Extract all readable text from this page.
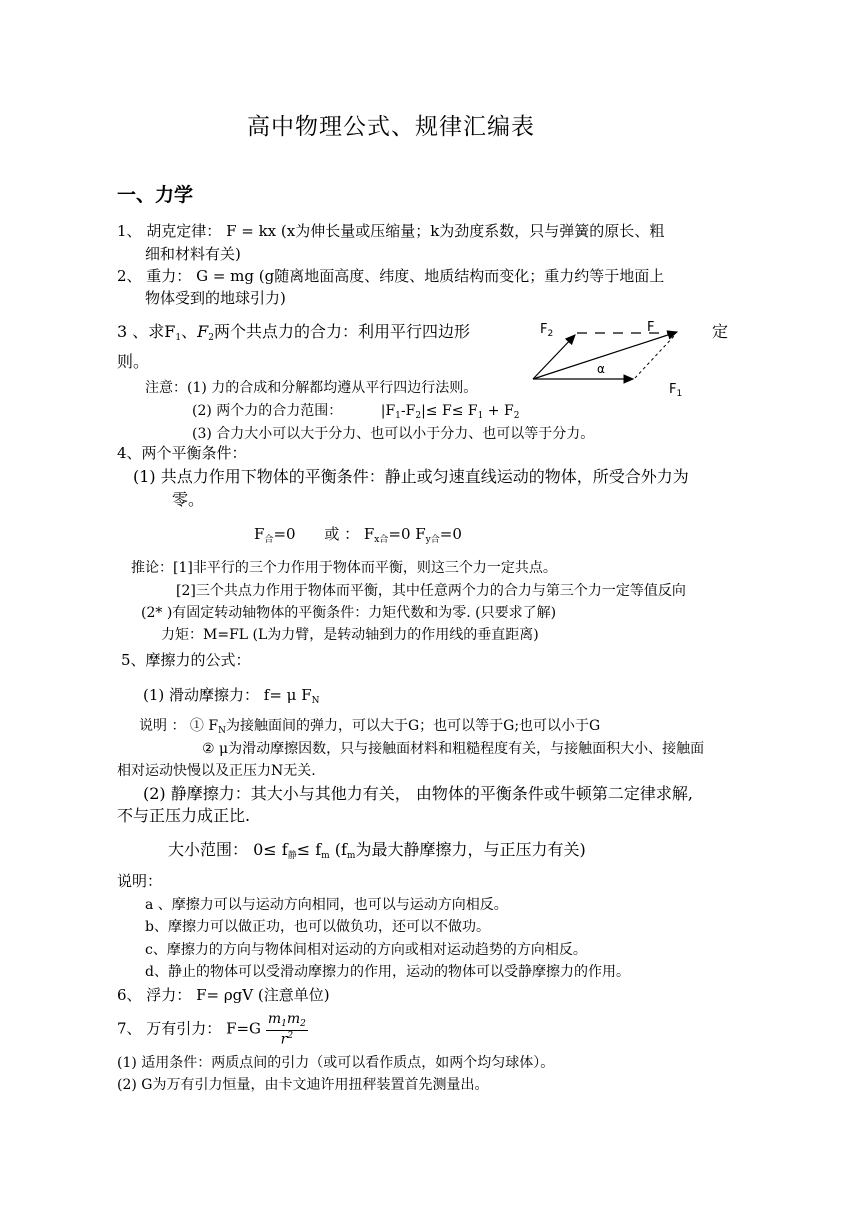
高中物理公式、规律汇编表
一、力学
1、 胡克定律： F = kx (x为伸长量或压缩量；k为劲度系数，只与弹簧的原长、粗
细和材料有关)
2、 重力： G = mg (g随离地面高度、纬度、地质结构而变化；重力约等于地面上
物体受到的地球引力)
3 、求$F_1$、$F_2$两个共点力的合力：利用平行四边形	定
则。
$F_2$	F
α
$F_1$
注意：(1) 力的合成和分解都均遵从平行四边行法则。
(2) 两个力的合力范围：	$|F_1-F_2|\le F\le F_1 + F_2$
(3) 合力大小可以大于分力、也可以小于分力、也可以等于分力。
4、两个平衡条件：
(1) 共点力作用下物体的平衡条件：静止或匀速直线运动的物体，所受合外力为
零。
$F_合=0$ 或 ： $F_{x合}=0$ $F_{y合}=0$
推论：[1]非平行的三个力作用于物体而平衡，则这三个力一定共点。
[2]三个共点力作用于物体而平衡，其中任意两个力的合力与第三个力一定等值反向
(2* )有固定转动轴物体的平衡条件：力矩代数和为零. (只要求了解)
力矩：M=FL (L为力臂，是转动轴到力的作用线的垂直距离)
5、摩擦力的公式：
(1) 滑动摩擦力： f= μ $F_N$
说明 ： ① $F_N$为接触面间的弹力，可以大于G；也可以等于G;也可以小于G
② μ为滑动摩擦因数，只与接触面材料和粗糙程度有关，与接触面积大小、接触面
相对运动快慢以及正压力N无关.
(2) 静摩擦力：其大小与其他力有关， 由物体的平衡条件或牛顿第二定律求解,
不与正压力成正比.
大小范围： $0\le f_静\le f_m$ ($f_m$为最大静摩擦力，与正压力有关)
说明：
a 、摩擦力可以与运动方向相同，也可以与运动方向相反。
b、摩擦力可以做正功，也可以做负功，还可以不做功。
c、摩擦力的方向与物体间相对运动的方向或相对运动趋势的方向相反。
d、静止的物体可以受滑动摩擦力的作用，运动的物体可以受静摩擦力的作用。
6、 浮力： F= ρgV (注意单位)
7、 万有引力： $F=G \frac{m_1m_2}{r^2}$
(1) 适用条件：两质点间的引力（或可以看作质点，如两个均匀球体）。
(2) G为万有引力恒量，由卡文迪许用扭秤装置首先测量出。
